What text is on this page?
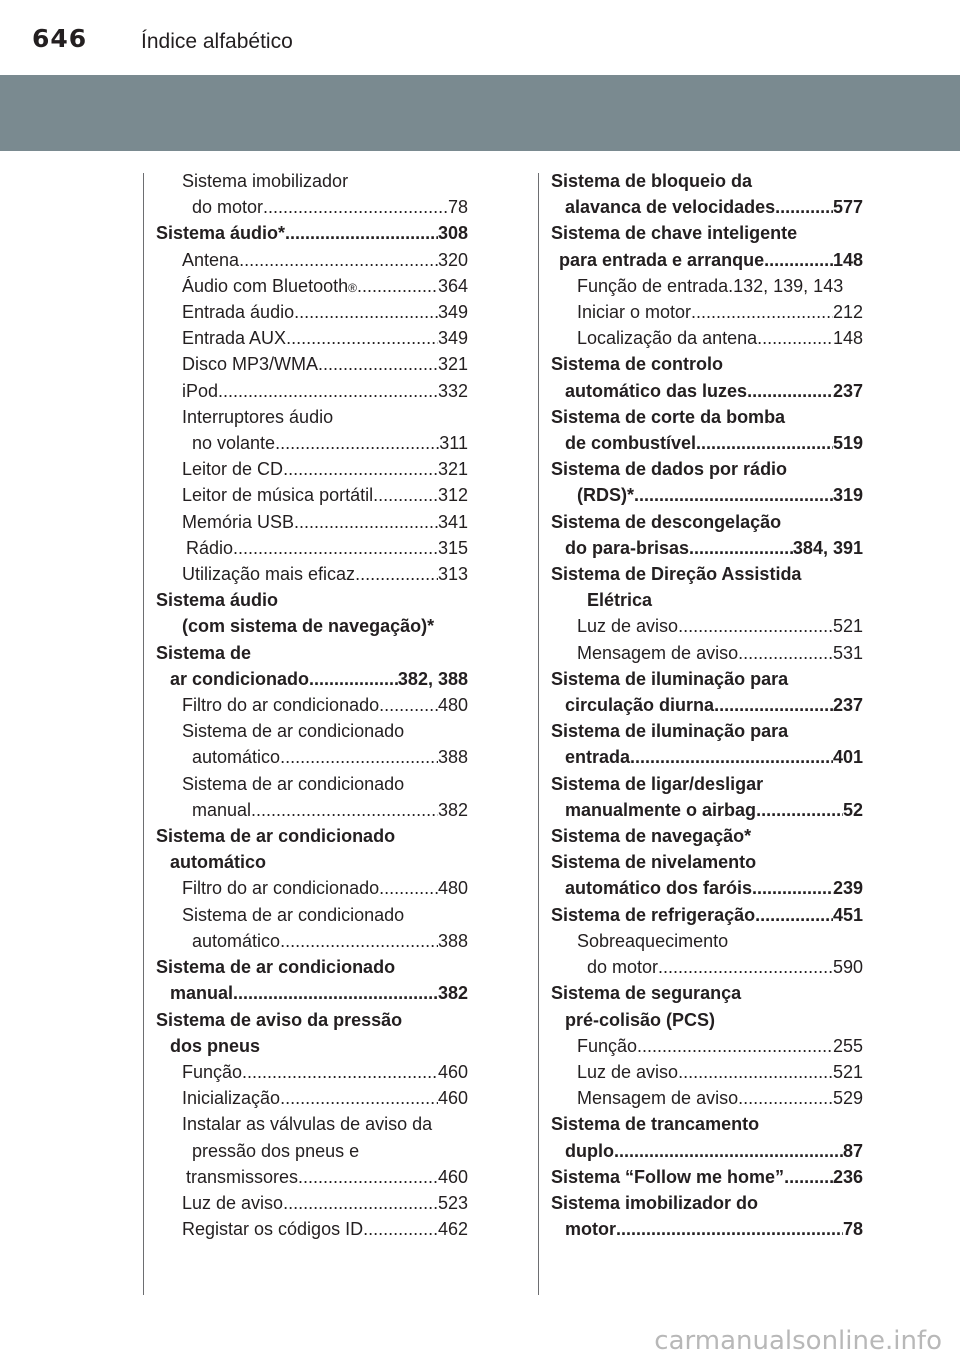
646	Índice alfabético
Sistema imobilizador
do motor .....	78
Sistema áudio* .....	308
Antena .....	320
Áudio com Bluetooth ® .....	364
Entrada áudio .....	349
Entrada AUX .....	349
Disco MP3/WMA .....	321
iPod .....	332
Interruptores áudio
no volante .....	311
Leitor de CD .....	321
Leitor de música portátil .....	312
Memória USB .....	341
Rádio .....	315
Utilização mais eficaz .....	313
Sistema áudio
(com sistema de navegação)*
Sistema de
ar condicionado .....	382, 388
Filtro do ar condicionado .....	480
Sistema de ar condicionado
automático .....	388
Sistema de ar condicionado
manual .....	382
Sistema de ar condicionado
automático
Filtro do ar condicionado .....	480
Sistema de ar condicionado
automático .....	388
Sistema de ar condicionado
manual .....	382
Sistema de aviso da pressão
dos pneus
Função .....	460
Inicialização .....	460
Instalar as válvulas de aviso da
pressão dos pneus e
transmissores .....	460
Luz de aviso .....	523
Registar os códigos ID .....	462
Sistema de bloqueio da
alavanca de velocidades .....	577
Sistema de chave inteligente
para entrada e arranque .....	148
Função de entrada.132, 139, 143
Iniciar o motor .....	212
Localização da antena .....	148
Sistema de controlo
automático das luzes .....	237
Sistema de corte da bomba
de combustível .....	519
Sistema de dados por rádio
(RDS)* .....	319
Sistema de descongelação
do para-brisas .....	384, 391
Sistema de Direção Assistida
Elétrica
Luz de aviso .....	521
Mensagem de aviso .....	531
Sistema de iluminação para
circulação diurna .....	237
Sistema de iluminação para
entrada .....	401
Sistema de ligar/desligar
manualmente o airbag .....	52
Sistema de navegação*
Sistema de nivelamento
automático dos faróis .....	239
Sistema de refrigeração .....	451
Sobreaquecimento
do motor .....	590
Sistema de segurança
pré-colisão (PCS)
Função .....	255
Luz de aviso .....	521
Mensagem de aviso .....	529
Sistema de trancamento
duplo .....	87
Sistema “Follow me home” .....	236
Sistema imobilizador do
motor .....	78
carmanualsonline.info
